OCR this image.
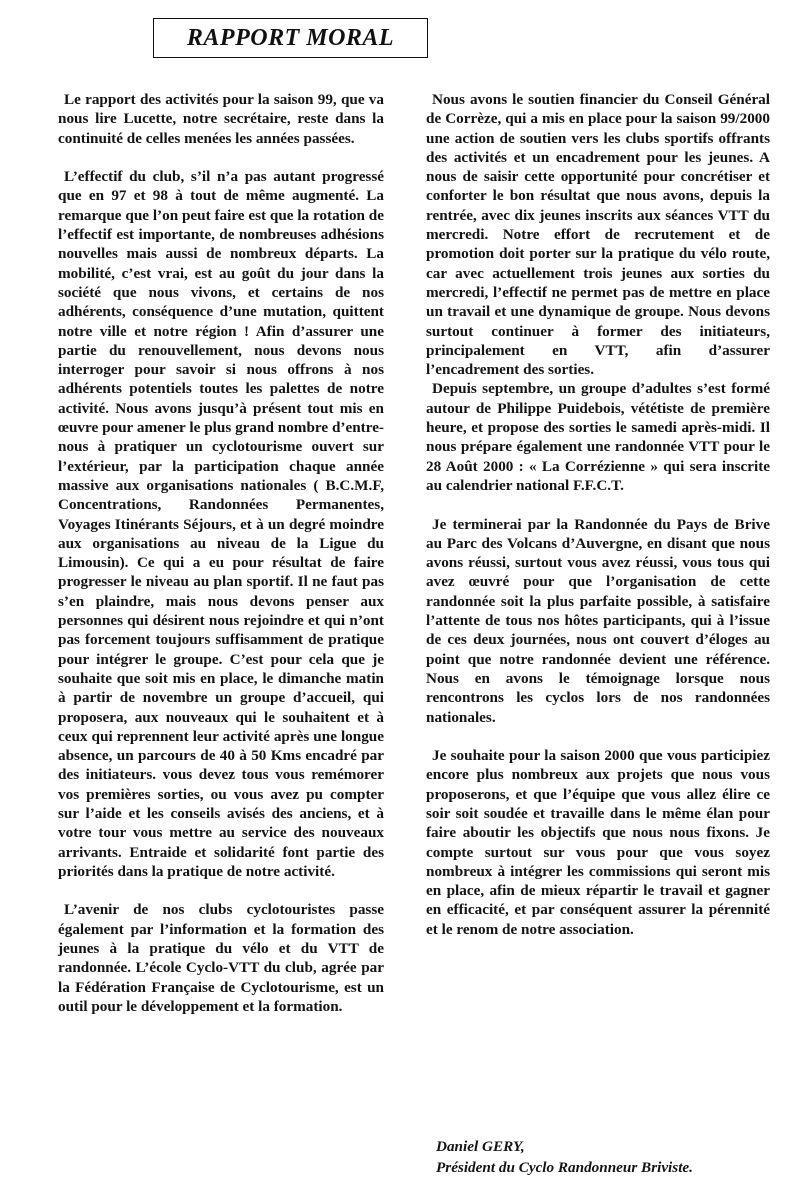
RAPPORT MORAL

Le rapport des activités pour la saison 99, que va nous lire Lucette, notre secrétaire, reste dans la continuité de celles menées les années passées.

L’effectif du club, s’il n’a pas autant progressé que en 97 et 98 à tout de même augmenté. La remarque que l’on peut faire est que la rotation de l’effectif est importante, de nombreuses adhésions nouvelles mais aussi de nombreux départs. La mobilité, c’est vrai, est au goût du jour dans la société que nous vivons, et certains de nos adhérents, conséquence d’une mutation, quittent notre ville et notre région ! Afin d’assurer une partie du renouvellement, nous devons nous interroger pour savoir si nous offrons à nos adhérents potentiels toutes les palettes de notre activité. Nous avons jusqu’à présent tout mis en œuvre pour amener le plus grand nombre d’entre-nous à pratiquer un cyclotourisme ouvert sur l’extérieur, par la participation chaque année massive aux organisations nationales ( B.C.M.F, Concentrations, Randonnées Permanentes, Voyages Itinérants Séjours, et à un degré moindre aux organisations au niveau de la Ligue du Limousin). Ce qui a eu pour résultat de faire progresser le niveau au plan sportif. Il ne faut pas s’en plaindre, mais nous devons penser aux personnes qui désirent nous rejoindre et qui n’ont pas forcement toujours suffisamment de pratique pour intégrer le groupe. C’est pour cela que je souhaite que soit mis en place, le dimanche matin à partir de novembre un groupe d’accueil, qui proposera, aux nouveaux qui le souhaitent et à ceux qui reprennent leur activité après une longue absence, un parcours de 40 à 50 Kms encadré par des initiateurs. vous devez tous vous remémorer vos premières sorties, ou vous avez pu compter sur l’aide et les conseils avisés des anciens, et à votre tour vous mettre au service des nouveaux arrivants. Entraide et solidarité font partie des priorités dans la pratique de notre activité.

L’avenir de nos clubs cyclotouristes passe également par l’information et la formation des jeunes à la pratique du vélo et du VTT de randonnée. L’école Cyclo-VTT du club, agrée par la Fédération Française de Cyclotourisme, est un outil pour le développement et la formation.

Nous avons le soutien financier du Conseil Général de Corrèze, qui a mis en place pour la saison 99/2000 une action de soutien vers les clubs sportifs offrants des activités et un encadrement pour les jeunes. A nous de saisir cette opportunité pour concrétiser et conforter le bon résultat que nous avons, depuis la rentrée, avec dix jeunes inscrits aux séances VTT du mercredi. Notre effort de recrutement et de promotion doit porter sur la pratique du vélo route, car avec actuellement trois jeunes aux sorties du mercredi, l’effectif ne permet pas de mettre en place un travail et une dynamique de groupe. Nous devons surtout continuer à former des initiateurs, principalement en VTT, afin d’assurer l’encadrement des sorties.

Depuis septembre, un groupe d’adultes s’est formé autour de Philippe Puidebois, vététiste de première heure, et propose des sorties le samedi après-midi. Il nous prépare également une randonnée VTT pour le 28 Août 2000 : « La Corrézienne » qui sera inscrite au calendrier national F.F.C.T.

Je terminerai par la Randonnée du Pays de Brive au Parc des Volcans d’Auvergne, en disant que nous avons réussi, surtout vous avez réussi, vous tous qui avez œuvré pour que l’organisation de cette randonnée soit la plus parfaite possible, à satisfaire l’attente de tous nos hôtes participants, qui à l’issue de ces deux journées, nous ont couvert d’éloges au point que notre randonnée devient une référence. Nous en avons le témoignage lorsque nous rencontrons les cyclos lors de nos randonnées nationales.

Je souhaite pour la saison 2000 que vous participiez encore plus nombreux aux projets que nous vous proposerons, et que l’équipe que vous allez élire ce soir soit soudée et travaille dans le même élan pour faire aboutir les objectifs que nous nous fixons. Je compte surtout sur vous pour que vous soyez nombreux à intégrer les commissions qui seront mis en place, afin de mieux répartir le travail et gagner en efficacité, et par conséquent assurer la pérennité et le renom de notre association.

Daniel GERY,
Président du Cyclo Randonneur Briviste.
